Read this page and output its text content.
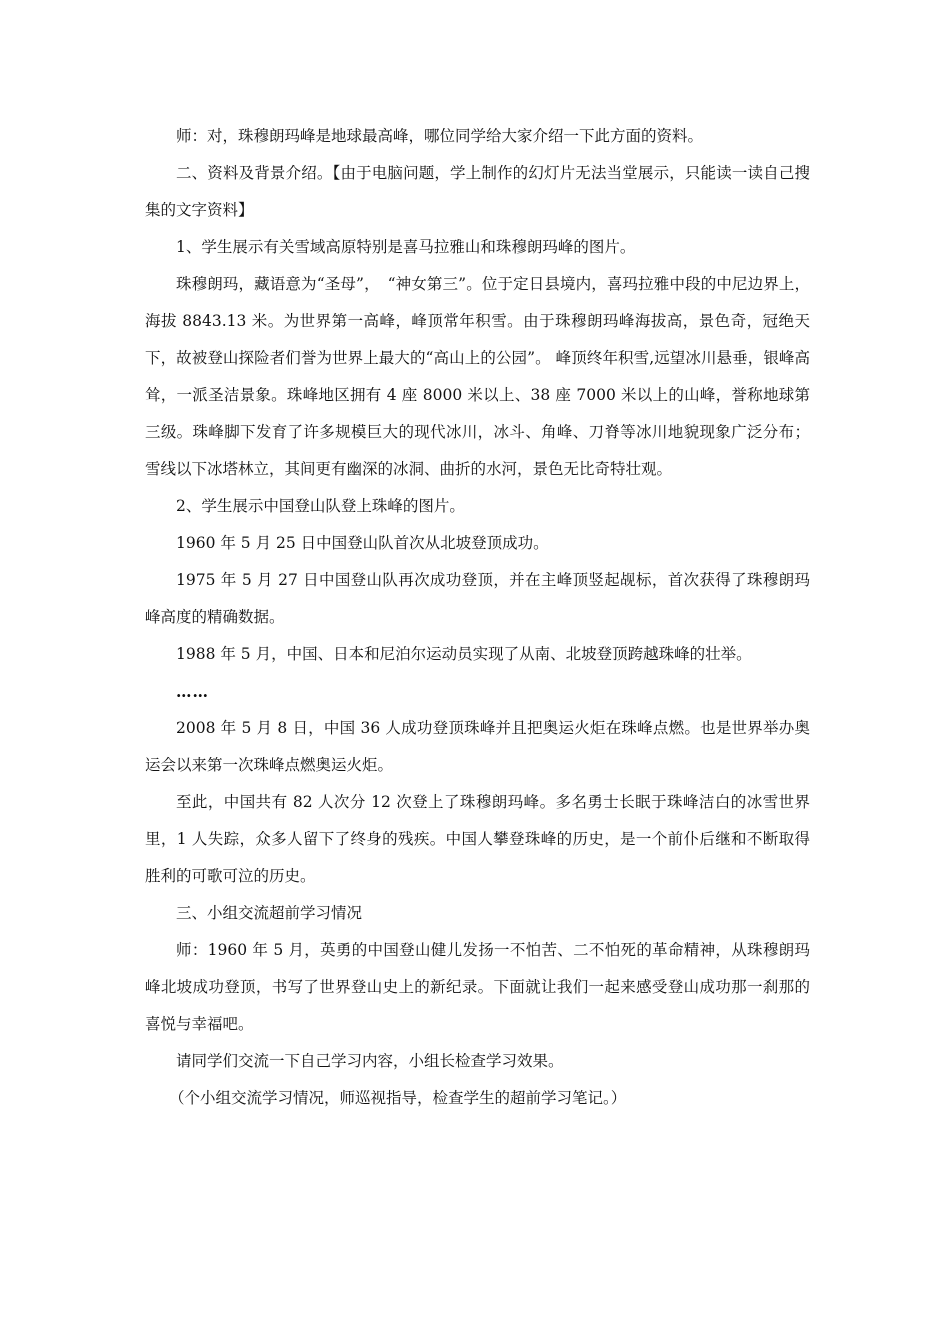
师：对，珠穆朗玛峰是地球最高峰，哪位同学给大家介绍一下此方面的资料。

二、资料及背景介绍。【由于电脑问题，学上制作的幻灯片无法当堂展示，只能读一读自己搜集的文字资料】

1、学生展示有关雪域高原特别是喜马拉雅山和珠穆朗玛峰的图片。

珠穆朗玛，藏语意为“圣母”，　“神女第三”。位于定日县境内，喜玛拉雅中段的中尼边界上，海拔 8843.13 米。为世界第一高峰，峰顶常年积雪。由于珠穆朗玛峰海拔高，景色奇，冠绝天下，故被登山探险者们誉为世界上最大的“高山上的公园”。 峰顶终年积雪,远望冰川悬垂，银峰高耸，一派圣洁景象。珠峰地区拥有 4 座 8000 米以上、38 座 7000 米以上的山峰，誉称地球第三级。珠峰脚下发育了许多规模巨大的现代冰川，冰斗、角峰、刀脊等冰川地貌现象广泛分布；雪线以下冰塔林立，其间更有幽深的冰洞、曲折的水河，景色无比奇特壮观。

2、学生展示中国登山队登上珠峰的图片。

1960 年 5 月 25 日中国登山队首次从北坡登顶成功。

1975 年 5 月 27 日中国登山队再次成功登顶，并在主峰顶竖起觇标，首次获得了珠穆朗玛峰高度的精确数据。

1988 年 5 月，中国、日本和尼泊尔运动员实现了从南、北坡登顶跨越珠峰的壮举。

……

2008 年 5 月 8 日，中国 36 人成功登顶珠峰并且把奥运火炬在珠峰点燃。也是世界举办奥运会以来第一次珠峰点燃奥运火炬。

至此，中国共有 82 人次分 12 次登上了珠穆朗玛峰。多名勇士长眠于珠峰洁白的冰雪世界里，1 人失踪，众多人留下了终身的残疾。中国人攀登珠峰的历史，是一个前仆后继和不断取得胜利的可歌可泣的历史。

三、小组交流超前学习情况

师：1960 年 5 月，英勇的中国登山健儿发扬一不怕苦、二不怕死的革命精神，从珠穆朗玛峰北坡成功登顶，书写了世界登山史上的新纪录。下面就让我们一起来感受登山成功那一刹那的喜悦与幸福吧。

请同学们交流一下自己学习内容，小组长检查学习效果。

（个小组交流学习情况，师巡视指导，检查学生的超前学习笔记。）
